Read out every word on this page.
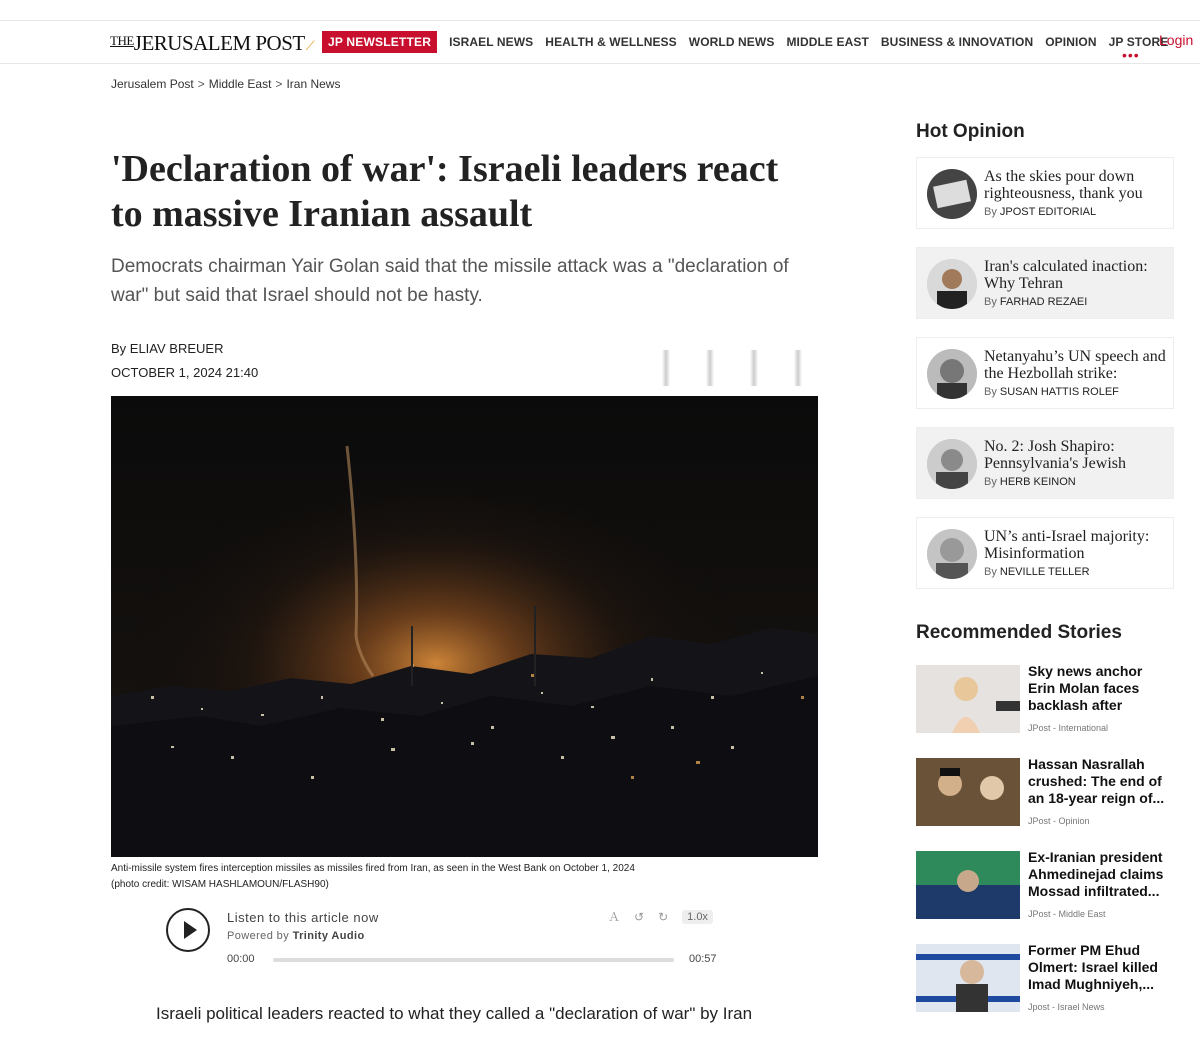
$^{THE}$JERUSALEM POST⟋	JP NEWSLETTER	ISRAEL NEWS HEALTH & WELLNESS WORLD NEWS MIDDLE EAST BUSINESS & INNOVATION OPINION JP STORE
•••
Login
Jerusalem Post > Middle East > Iran News
'Declaration of war': Israeli leaders react to massive Iranian assault

Democrats chairman Yair Golan said that the missile attack was a "declaration of war" but said that Israel should not be hasty.

By ELIAV BREUER
OCTOBER 1, 2024 21:40
Anti-missile system fires interception missiles as missiles fired from Iran, as seen in the West Bank on October 1, 2024
(photo credit: WISAM HASHLAMOUN/FLASH90)
Listen to this article now
Powered by Trinity Audio
Ａ ↺ ↻	1.0x
00:00	00:57

Israeli political leaders reacted to what they called a "declaration of war" by Iran

Hot Opinion
As the skies pour down righteousness, thank you
By JPOST EDITORIAL
Iran's calculated inaction: Why Tehran
By FARHAD REZAEI
Netanyahu’s UN speech and the Hezbollah strike:
By SUSAN HATTIS ROLEF
No. 2: Josh Shapiro: Pennsylvania's Jewish
By HERB KEINON
UN’s anti-Israel majority: Misinformation
By NEVILLE TELLER
Recommended Stories
Sky news anchor Erin Molan faces backlash after
JPost - International
Hassan Nasrallah crushed: The end of an 18-year reign of...
JPost - Opinion
Ex-Iranian president Ahmedinejad claims Mossad infiltrated...
JPost - Middle East
Former PM Ehud Olmert: Israel killed Imad Mughniyeh,...
Jpost - Israel News
